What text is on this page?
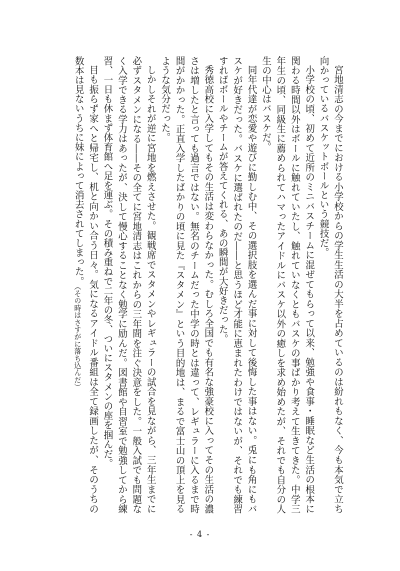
宮地清志の今までにおける小学校からの学生生活の大半を占めているのは紛れもなく、今も本気で立ち向かっているバスケットボールという競技だ。

小学校の頃、初めて近所のミニバスチームに混ぜてもらって以来、勉強や食事・睡眠など生活の根本に関わる時間以外はボールに触れていたし、触れていなくともバスケの事ばかり考えて生きてきた。中学三年生の頃、同級生に薦められてハマったアイドルにバスケ以外の癒しを求め始めたが、それでも自分の人生の中心はバスケだ。

同年代達が恋愛や遊びに勤しむ中、その選択肢を選んだ事に対して後悔した事はない。兎にも角にもバスケが好きだった。バスケに選ばれたのだ――と思うほど才能に恵まれたわけではないが、それでも練習すればボールやチームが答えてくれる、あの瞬間が大好きだった。

秀徳高校に入学してもその生活は変わらなかった。むしろ全国でも有名な強豪校に入ってその生活の濃さは増したと言っても過言ではない。無名のチームだった中学の時とは違って、レギュラーに入るまで時間がかかった。正直入学したばかりの頃に見た『スタメン』という目的地は、まるで富士山の頂上を見るような気分だった。

しかしそれが逆に宮地を燃えさせた。観戦席でスタメンやレギュラーの試合を見ながら、三年生までに必ずスタメンになる――その全てに宮地清志はこれからの三年間を注ぐ決意をした。一般入試でも問題なく入学できる学力はあったが、決して慢心することなく勉学に励んだ。図書館や自習室で勉強してから練習、一日も休まず体育館へ足を運ぶ。その積み重ねで二年の冬、ついにスタメンの座を掴んだ。

目も振らず家へと帰宅し、机と向かい合う日々。気になるアイドル番組は全て録画したが、そのうちの数本は見ないうちに妹によって消去されてしまった。（その時はさすがに落ち込んだ）

- 4 -
